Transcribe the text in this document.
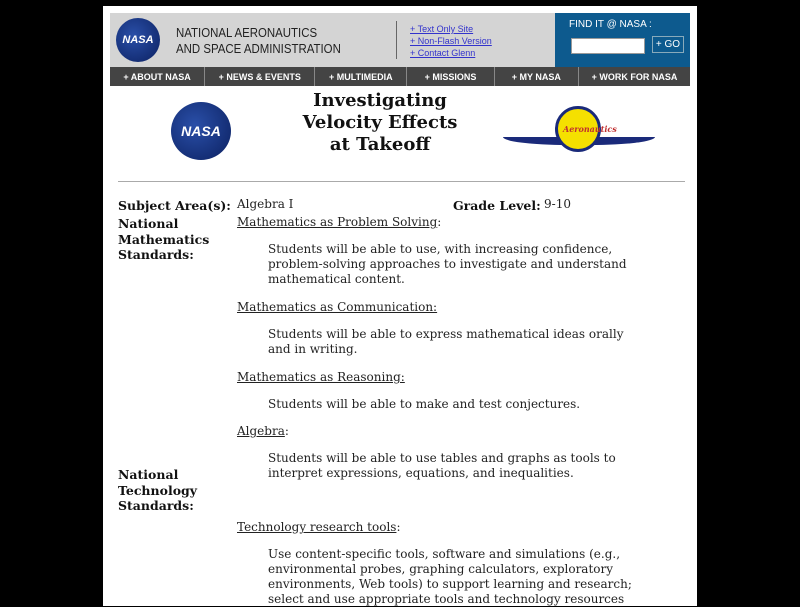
NASA	NATIONAL AERONAUTICS
AND SPACE ADMINISTRATION
+ Text Only Site
+ Non-Flash Version
+ Contact Glenn
FIND IT @ NASA :
+ GO
+ ABOUT NASA	+ NEWS & EVENTS	+ MULTIMEDIA	+ MISSIONS	+ MY NASA	+ WORK FOR NASA
NASA
Investigating
Velocity Effects
at Takeoff
Aeronautics
Subject Area(s): Algebra I	Grade Level: 9-10
National
Mathematics
Standards:
Mathematics as Problem Solving:
Students will be able to use, with increasing confidence,
problem-solving approaches to investigate and understand
mathematical content.
Mathematics as Communication:
Students will be able to express mathematical ideas orally
and in writing.
Mathematics as Reasoning:
Students will be able to make and test conjectures.
Algebra:
Students will be able to use tables and graphs as tools to
interpret expressions, equations, and inequalities.
National
Technology
Standards:
Technology research tools:
Use content-specific tools, software and simulations (e.g.,
environmental probes, graphing calculators, exploratory
environments, Web tools) to support learning and research;
select and use appropriate tools and technology resources
